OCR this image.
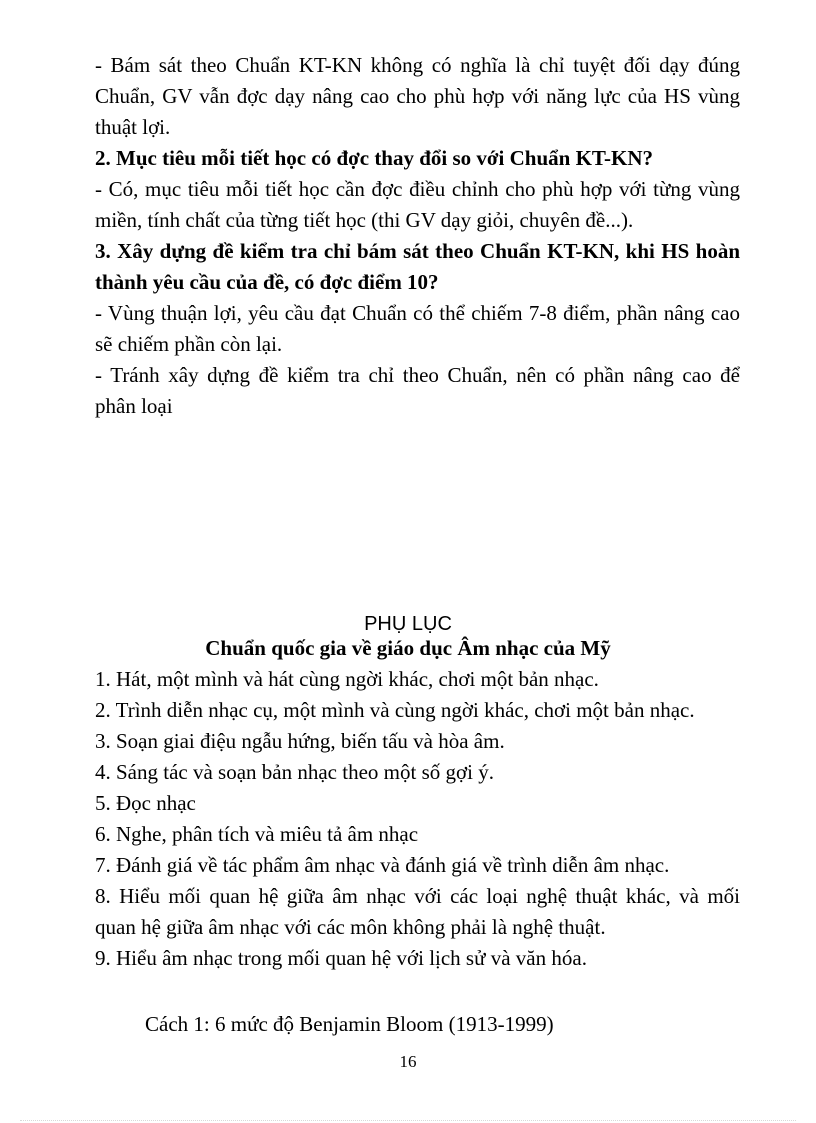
- Bám sát theo Chuẩn KT-KN không có nghĩa là chỉ tuyệt đối dạy đúng

Chuẩn, GV vẫn đợc dạy nâng cao cho phù hợp với năng lực của HS vùng

thuật lợi.

2. Mục tiêu mỗi tiết học có đợc thay đổi so với Chuẩn KT-KN?

- Có, mục tiêu mỗi tiết học cần đợc điều chỉnh cho phù hợp với từng vùng

miền, tính chất của từng tiết học (thi GV dạy giỏi, chuyên đề...).

3. Xây dựng đề kiểm tra chỉ bám sát theo Chuẩn KT-KN, khi HS hoàn

thành yêu cầu của đề, có đợc điểm 10?

- Vùng thuận lợi, yêu cầu đạt Chuẩn có thể chiếm 7-8 điểm, phần nâng cao

sẽ chiếm phần còn lại.

- Tránh xây dựng đề kiểm tra chỉ theo Chuẩn, nên có phần nâng cao để

phân loại

PHỤ LỤC
Chuẩn quốc gia về giáo dục Âm nhạc của Mỹ

1. Hát, một mình và hát cùng ngời khác, chơi một bản nhạc.

2. Trình diễn nhạc cụ, một mình và cùng ngời khác, chơi một bản nhạc.

3. Soạn giai điệu ngẫu hứng, biến tấu và hòa âm.

4. Sáng tác và soạn bản nhạc theo một số gợi ý.

5. Đọc nhạc

6. Nghe, phân tích và miêu tả âm nhạc

7. Đánh giá về tác phẩm âm nhạc và đánh giá về trình diễn âm nhạc.

8. Hiểu mối quan hệ giữa âm nhạc với các loại nghệ thuật khác, và mối

quan hệ giữa âm nhạc với các môn không phải là nghệ thuật.

9. Hiểu âm nhạc trong mối quan hệ với lịch sử và văn hóa.

Cách 1: 6 mức độ Benjamin Bloom (1913-1999)
16
